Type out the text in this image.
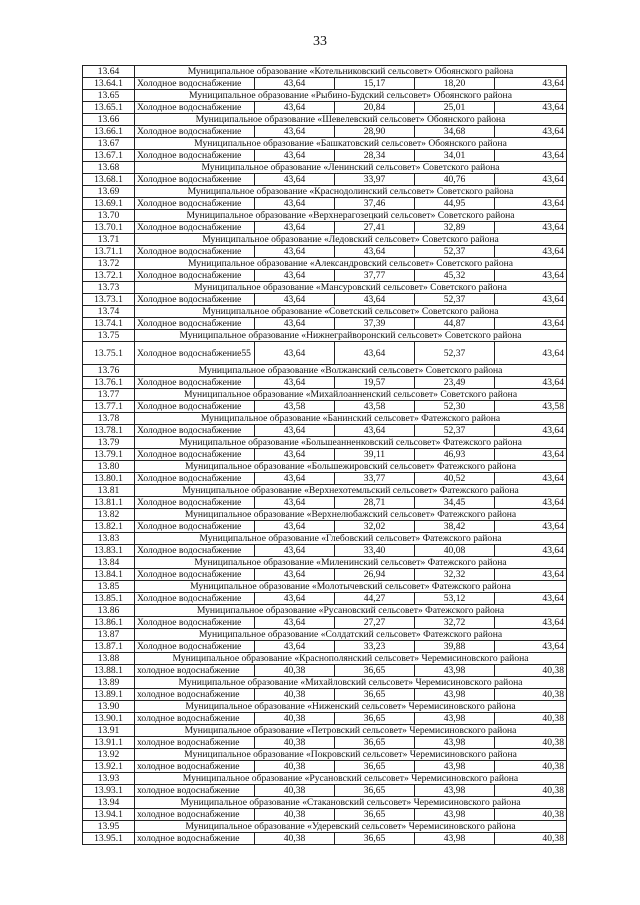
33
13.64	Муниципальное образование «Котельниковский сельсовет» Обоянского района				
13.64.1	Холодное водоснабжение	43,64	15,17	18,20	43,64
13.65	Муниципальное образование «Рыбино-Будский сельсовет» Обоянского района				
13.65.1	Холодное водоснабжение	43,64	20,84	25,01	43,64
13.66	Муниципальное образование «Шевелевский сельсовет» Обоянского района				
13.66.1	Холодное водоснабжение	43,64	28,90	34,68	43,64
13.67	Муниципальное образование «Башкатовский сельсовет» Обоянского района				
13.67.1	Холодное водоснабжение	43,64	28,34	34,01	43,64
13.68	Муниципальное образование «Ленинский сельсовет» Советского района				
13.68.1	Холодное водоснабжение	43,64	33,97	40,76	43,64
13.69	Муниципальное образование «Краснодолинский сельсовет» Советского района				
13.69.1	Холодное водоснабжение	43,64	37,46	44,95	43,64
13.70	Муниципальное образование «Верхнерагозецкий сельсовет» Советского района				
13.70.1	Холодное водоснабжение	43,64	27,41	32,89	43,64
13.71	Муниципальное образование «Ледовский сельсовет» Советского района				
13.71.1	Холодное водоснабжение	43,64	43,64	52,37	43,64
13.72	Муниципальное образование «Александровский сельсовет» Советского района				
13.72.1	Холодное водоснабжение	43,64	37,77	45,32	43,64
13.73	Муниципальное образование «Мансуровский сельсовет» Советского района				
13.73.1	Холодное водоснабжение	43,64	43,64	52,37	43,64
13.74	Муниципальное образование «Советский сельсовет» Советского района				
13.74.1	Холодное водоснабжение	43,64	37,39	44,87	43,64
13.75	Муниципальное образование «Нижнеграйворонский сельсовет» Советского района				
13.75.1	Холодное водоснабжение55	43,64	43,64	52,37	43,64
13.76	Муниципальное образование «Волжанский сельсовет» Советского района				
13.76.1	Холодное водоснабжение	43,64	19,57	23,49	43,64
13.77	Муниципальное образование «Михайлоанненский сельсовет» Советского района				
13.77.1	Холодное водоснабжение	43,58	43,58	52,30	43,58
13.78	Муниципальное образование «Банинский сельсовет» Фатежского района				
13.78.1	Холодное водоснабжение	43,64	43,64	52,37	43,64
13.79	Муниципальное образование «Большеанненковский сельсовет» Фатежского района				
13.79.1	Холодное водоснабжение	43,64	39,11	46,93	43,64
13.80	Муниципальное образование «Большежировский сельсовет» Фатежского района				
13.80.1	Холодное водоснабжение	43,64	33,77	40,52	43,64
13.81	Муниципальное образование «Верхнехотемльский сельсовет» Фатежского района				
13.81.1	Холодное водоснабжение	43,64	28,71	34,45	43,64
13.82	Муниципальное образование «Верхнелюбажский сельсовет» Фатежского района				
13.82.1	Холодное водоснабжение	43,64	32,02	38,42	43,64
13.83	Муниципальное образование «Глебовский сельсовет» Фатежского района				
13.83.1	Холодное водоснабжение	43,64	33,40	40,08	43,64
13.84	Муниципальное образование «Миленинский сельсовет» Фатежского района				
13.84.1	Холодное водоснабжение	43,64	26,94	32,32	43,64
13.85	Муниципальное образование «Молотычевский сельсовет» Фатежского района				
13.85.1	Холодное водоснабжение	43,64	44,27	53,12	43,64
13.86	Муниципальное образование «Русановский сельсовет» Фатежского района				
13.86.1	Холодное водоснабжение	43,64	27,27	32,72	43,64
13.87	Муниципальное образование «Солдатский сельсовет» Фатежского района				
13.87.1	Холодное водоснабжение	43,64	33,23	39,88	43,64
13.88	Муниципальное образование «Краснополянский сельсовет» Черемисиновского района				
13.88.1	холодное водоснабжение	40,38	36,65	43,98	40,38
13.89	Муниципальное образование «Михайловский сельсовет» Черемисиновского района				
13.89.1	холодное водоснабжение	40,38	36,65	43,98	40,38
13.90	Муниципальное образование «Ниженский сельсовет» Черемисиновского района				
13.90.1	холодное водоснабжение	40,38	36,65	43,98	40,38
13.91	Муниципальное образование «Петровский сельсовет» Черемисиновского района				
13.91.1	холодное водоснабжение	40,38	36,65	43,98	40,38
13.92	Муниципальное образование «Покровский сельсовет» Черемисиновского района				
13.92.1	холодное водоснабжение	40,38	36,65	43,98	40,38
13.93	Муниципальное образование «Русановский сельсовет» Черемисиновского района				
13.93.1	холодное водоснабжение	40,38	36,65	43,98	40,38
13.94	Муниципальное образование «Стакановский сельсовет» Черемисиновского района				
13.94.1	холодное водоснабжение	40,38	36,65	43,98	40,38
13.95	Муниципальное образование «Удеревский сельсовет» Черемисиновского района				
13.95.1	холодное водоснабжение	40,38	36,65	43,98	40,38
